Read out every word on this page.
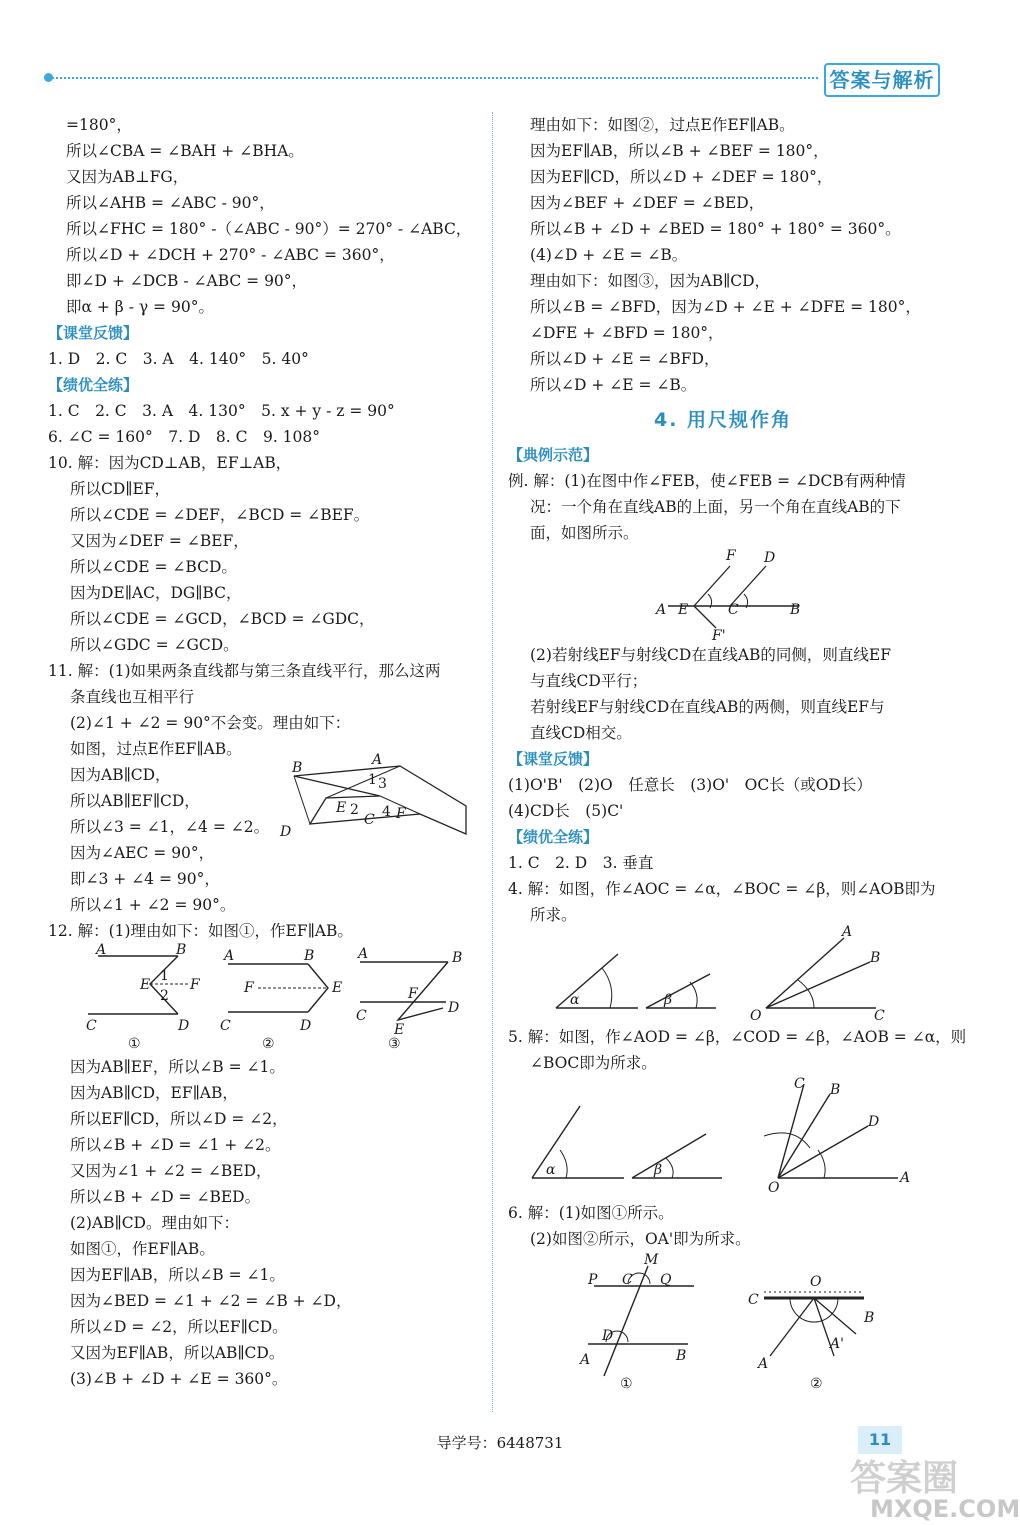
答案与解析
=180°，
所以∠CBA = ∠BAH + ∠BHA。
又因为AB⊥FG，
所以∠AHB = ∠ABC - 90°，
所以∠FHC = 180° -（∠ABC - 90°）= 270° - ∠ABC，
所以∠D + ∠DCH + 270° - ∠ABC = 360°，
即∠D + ∠DCB - ∠ABC = 90°，
即α + β - γ = 90°。
【课堂反馈】
1. D　2. C　3. A　4. 140°　5. 40°
【绩优全练】
1. C　2. C　3. A　4. 130°　5. x + y - z = 90°
6. ∠C = 160°　7. D　8. C　9. 108°
10. 解：因为CD⊥AB，EF⊥AB，
所以CD∥EF，
所以∠CDE = ∠DEF，∠BCD = ∠BEF。
又因为∠DEF = ∠BEF，
所以∠CDE = ∠BCD。
因为DE∥AC，DG∥BC，
所以∠CDE = ∠GCD，∠BCD = ∠GDC，
所以∠GDC = ∠GCD。
11. 解：(1)如果两条直线都与第三条直线平行，那么这两
条直线也互相平行
(2)∠1 + ∠2 = 90°不会变。理由如下：
如图，过点E作EF∥AB。
因为AB∥CD，
所以AB∥EF∥CD，
所以∠3 = ∠1，∠4 = ∠2。
因为∠AEC = 90°，
即∠3 + ∠4 = 90°，
所以∠1 + ∠2 = 90°。
B	A
D
C
E	F
1
2
3
4
12. 解：(1)理由如下：如图①，作EF∥AB。
A	B
C	D
E	F
1
2
①
A	B
C	D
E
F
②
A	B
C	D
E
F
③
因为AB∥EF，所以∠B = ∠1。
因为AB∥CD，EF∥AB，
所以EF∥CD，所以∠D = ∠2，
所以∠B + ∠D = ∠1 + ∠2。
又因为∠1 + ∠2 = ∠BED，
所以∠B + ∠D = ∠BED。
(2)AB∥CD。理由如下：
如图①，作EF∥AB。
因为EF∥AB，所以∠B = ∠1。
因为∠BED = ∠1 + ∠2 = ∠B + ∠D，
所以∠D = ∠2，所以EF∥CD。
又因为EF∥AB，所以AB∥CD。
(3)∠B + ∠D + ∠E = 360°。
理由如下：如图②，过点E作EF∥AB。
因为EF∥AB，所以∠B + ∠BEF = 180°，
因为EF∥CD，所以∠D + ∠DEF = 180°，
因为∠BEF + ∠DEF = ∠BED，
所以∠B + ∠D + ∠BED = 180° + 180° = 360°。
(4)∠D + ∠E = ∠B。
理由如下：如图③，因为AB∥CD，
所以∠B = ∠BFD，因为∠D + ∠E + ∠DFE = 180°，
∠DFE + ∠BFD = 180°，
所以∠D + ∠E = ∠BFD，
所以∠D + ∠E = ∠B。
4. 用尺规作角
【典例示范】
例. 解：(1)在图中作∠FEB，使∠FEB = ∠DCB有两种情
况：一个角在直线AB的上面，另一个角在直线AB的下
面，如图所示。
F D
A E	C	B
F'
(2)若射线EF与射线CD在直线AB的同侧，则直线EF
与直线CD平行；
若射线EF与射线CD在直线AB的两侧，则直线EF与
直线CD相交。
【课堂反馈】
(1)O'B'　(2)O　任意长　(3)O'　OC长（或OD长）
(4)CD长　(5)C'
【绩优全练】
1. C　2. D　3. 垂直
4. 解：如图，作∠AOC = ∠α，∠BOC = ∠β，则∠AOB即为
所求。
α	β
A
B
C
O
5. 解：如图，作∠AOD = ∠β，∠COD = ∠β，∠AOB = ∠α，则
∠BOC即为所求。
α	β
C B
D
A
O
6. 解：(1)如图①所示。
(2)如图②所示，OA'即为所求。
P	Q
C
M
D
A	B
①
C
O
B
A
A'
②
导学号：6448731	11
答案圈
MXQE.COM
